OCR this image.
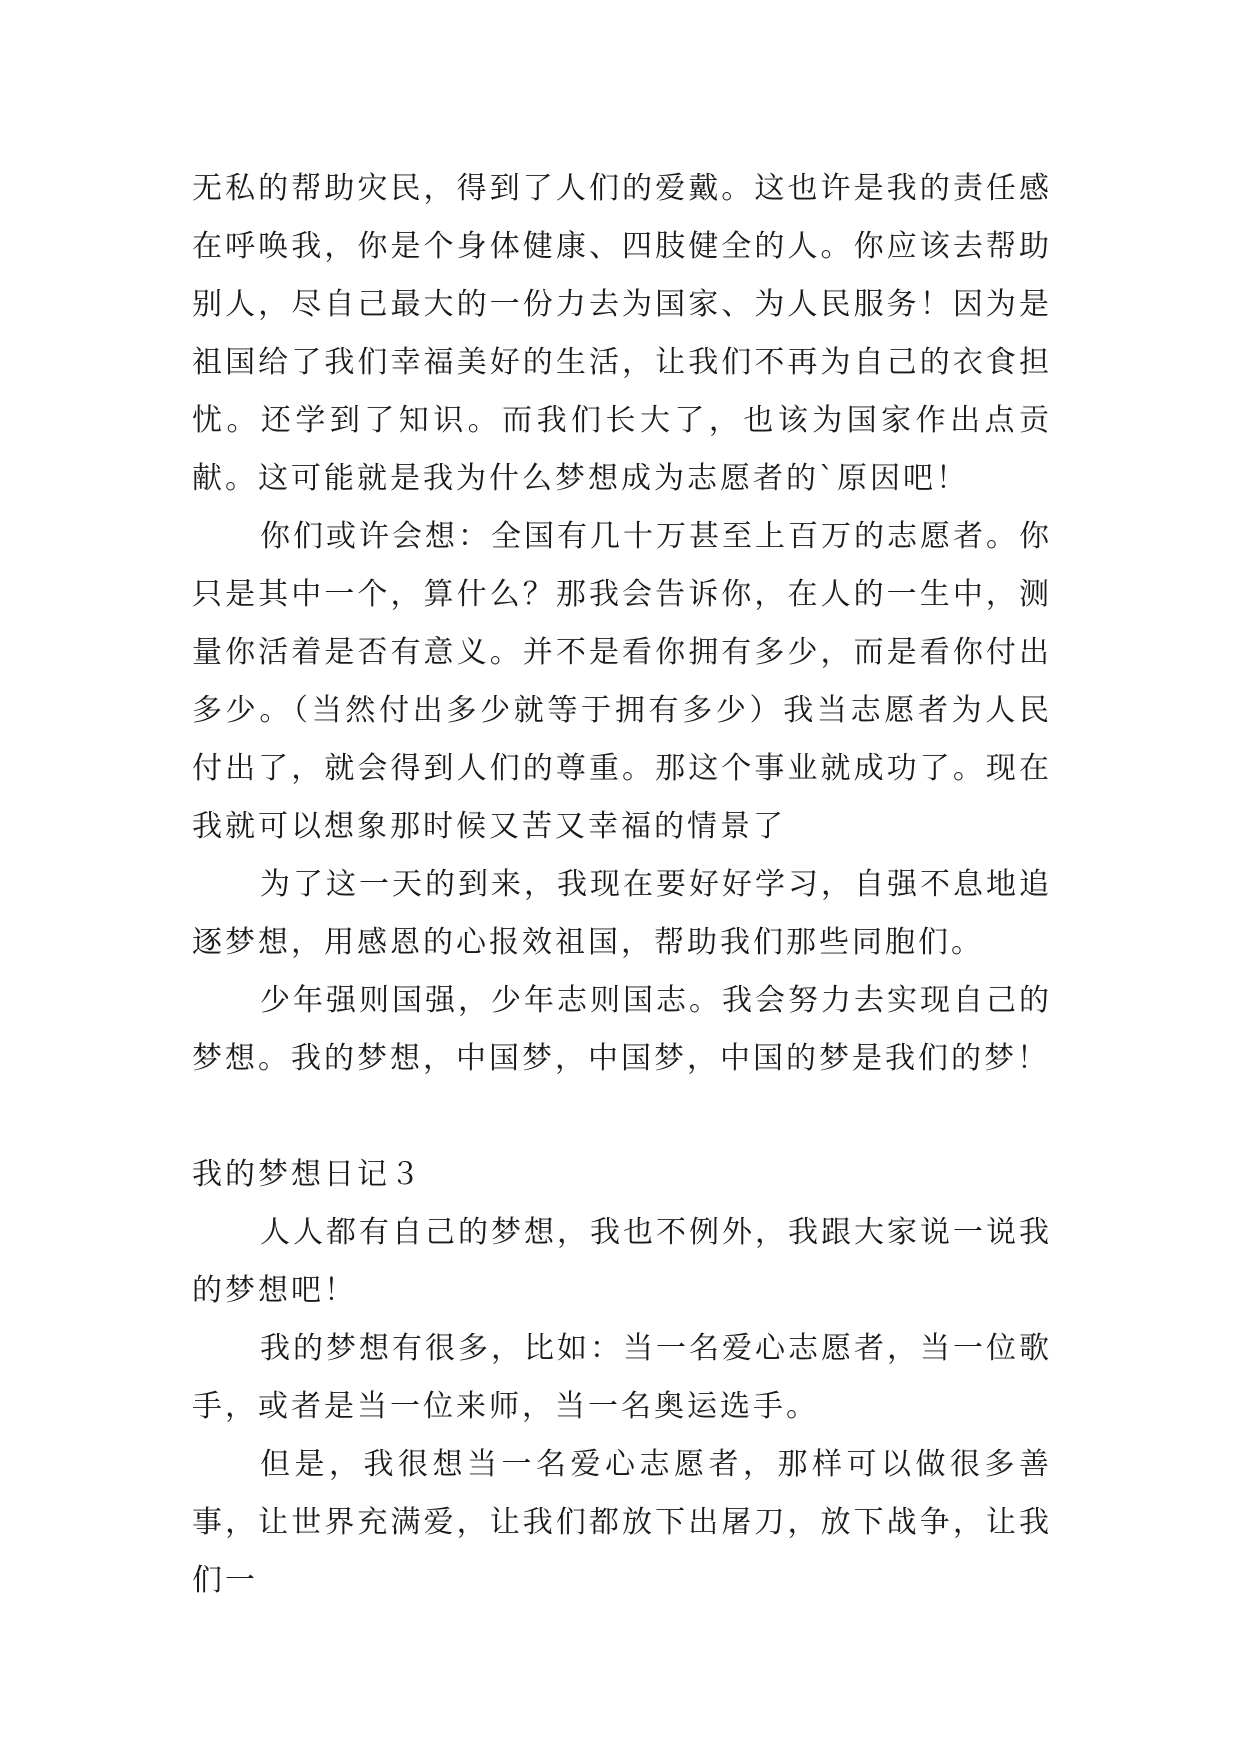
无私的帮助灾民，得到了人们的爱戴。这也许是我的责任感在呼唤我，你是个身体健康、四肢健全的人。你应该去帮助别人，尽自己最大的一份力去为国家、为人民服务！因为是祖国给了我们幸福美好的生活，让我们不再为自己的衣食担忧。还学到了知识。而我们长大了，也该为国家作出点贡献。这可能就是我为什么梦想成为志愿者的`原因吧！

你们或许会想：全国有几十万甚至上百万的志愿者。你只是其中一个，算什么？那我会告诉你，在人的一生中，测量你活着是否有意义。并不是看你拥有多少，而是看你付出多少。（当然付出多少就等于拥有多少）我当志愿者为人民付出了，就会得到人们的尊重。那这个事业就成功了。现在我就可以想象那时候又苦又幸福的情景了

为了这一天的到来，我现在要好好学习，自强不息地追逐梦想，用感恩的心报效祖国，帮助我们那些同胞们。

少年强则国强，少年志则国志。我会努力去实现自己的梦想。我的梦想，中国梦，中国梦，中国的梦是我们的梦！

我的梦想日记３

人人都有自己的梦想，我也不例外，我跟大家说一说我的梦想吧！

我的梦想有很多，比如：当一名爱心志愿者，当一位歌手，或者是当一位来师，当一名奥运选手。

但是，我很想当一名爱心志愿者，那样可以做很多善事，让世界充满爱，让我们都放下出屠刀，放下战争，让我们一
